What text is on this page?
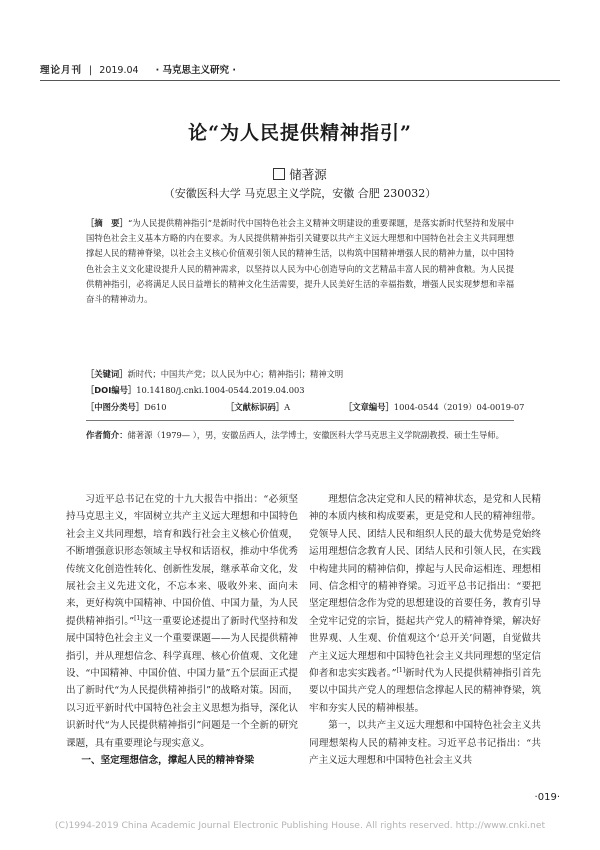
理论月刊 | 2019.04 · 马克思主义研究 ·
论“为人民提供精神指引”
储著源
（安徽医科大学 马克思主义学院，安徽 合肥 230032）
［摘　要］“为人民提供精神指引”是新时代中国特色社会主义精神文明建设的重要课题，是落实新时代坚持和发展中国特色社会主义基本方略的内在要求。为人民提供精神指引关键要以共产主义远大理想和中国特色社会主义共同理想撑起人民的精神脊梁，以社会主义核心价值观引领人民的精神生活，以构筑中国精神增强人民的精神力量，以中国特色社会主义文化建设提升人民的精神需求，以坚持以人民为中心创造导向的文艺精品丰富人民的精神食粮。为人民提供精神指引，必将满足人民日益增长的精神文化生活需要，提升人民美好生活的幸福指数，增强人民实现梦想和幸福奋斗的精神动力。
［关键词］新时代；中国共产党；以人民为中心；精神指引；精神文明
［DOI编号］10.14180/j.cnki.1004-0544.2019.04.003
［中图分类号］D610	［文献标识码］A	［文章编号］1004-0544（2019）04-0019-07
作者简介：储著源（1979— ），男，安徽岳西人，法学博士，安徽医科大学马克思主义学院副教授、硕士生导师。

习近平总书记在党的十九大报告中指出：“必须坚持马克思主义，牢固树立共产主义远大理想和中国特色社会主义共同理想，培育和践行社会主义核心价值观，不断增强意识形态领域主导权和话语权，推动中华优秀传统文化创造性转化、创新性发展，继承革命文化，发展社会主义先进文化，不忘本来、吸收外来、面向未来，更好构筑中国精神、中国价值、中国力量，为人民提供精神指引。”[1]这一重要论述提出了新时代坚持和发展中国特色社会主义一个重要课题——为人民提供精神指引，并从理想信念、科学真理、核心价值观、文化建设、“中国精神、中国价值、中国力量”五个层面正式提出了新时代“为人民提供精神指引”的战略对策。因而，以习近平新时代中国特色社会主义思想为指导，深化认识新时代“为人民提供精神指引”问题是一个全新的研究课题，具有重要理论与现实意义。

一、坚定理想信念，撑起人民的精神脊梁

理想信念决定党和人民的精神状态，是党和人民精神的本质内核和构成要素，更是党和人民的精神纽带。党领导人民、团结人民和组织人民的最大优势是党始终运用理想信念教育人民、团结人民和引领人民，在实践中构建共同的精神信仰，撑起与人民命运相连、理想相同、信念相守的精神脊梁。习近平总书记指出：“要把坚定理想信念作为党的思想建设的首要任务，教育引导全党牢记党的宗旨，挺起共产党人的精神脊梁，解决好世界观、人生观、价值观这个‘总开关’问题，自觉做共产主义远大理想和中国特色社会主义共同理想的坚定信仰者和忠实实践者。”[1]新时代为人民提供精神指引首先要以中国共产党人的理想信念撑起人民的精神脊梁，筑牢和夯实人民的精神根基。

第一，以共产主义远大理想和中国特色社会主义共同理想架构人民的精神支柱。习近平总书记指出：“共产主义远大理想和中国特色社会主义共

·019·
(C)1994-2019 China Academic Journal Electronic Publishing House. All rights reserved. http://www.cnki.net
